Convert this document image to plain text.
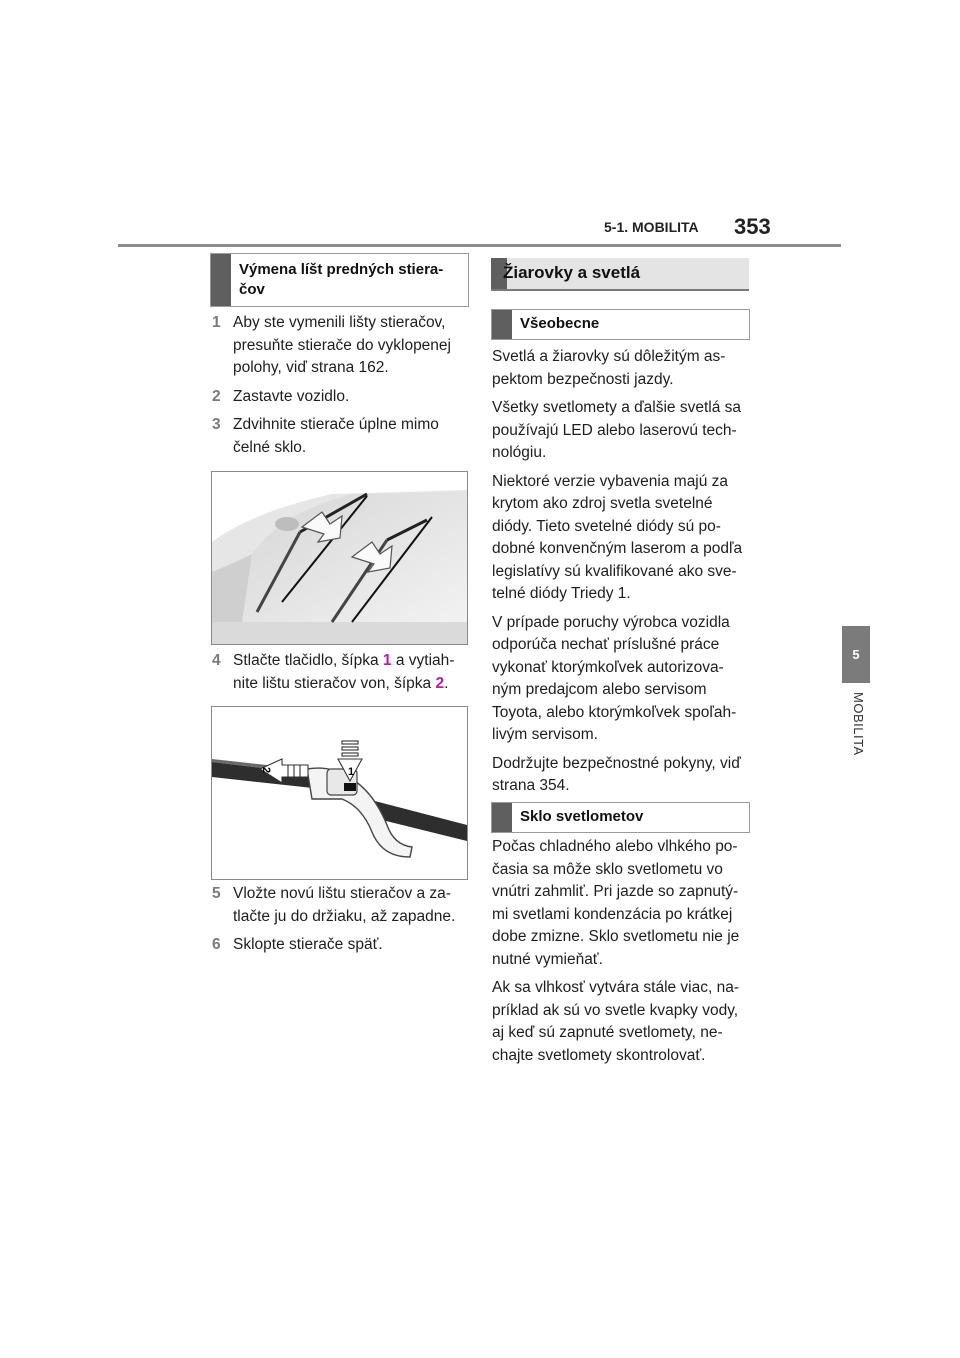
5-1. MOBILITA 353
5
MOBILITA
Výmena líšt predných stiera-čov
1 Aby ste vymenili lišty stieračov, presuňte stierače do vyklopenej polohy, viď strana 162.
2 Zastavte vozidlo.
3 Zdvihnite stierače úplne mimo čelné sklo.
4 Stlačte tlačidlo, šípka 1 a vytiah-nite lištu stieračov von, šípka 2.
1
2
5 Vložte novú lištu stieračov a za-tlačte ju do držiaku, až zapadne.
6 Sklopte stierače späť.
Žiarovky a svetlá
Všeobecne

Svetlá a žiarovky sú dôležitým as-pektom bezpečnosti jazdy.

Všetky svetlomety a ďalšie svetlá sa používajú LED alebo laserovú tech-nológiu.

Niektoré verzie vybavenia majú za krytom ako zdroj svetla svetelné diódy. Tieto svetelné diódy sú po-dobné konvenčným laserom a podľa legislatívy sú kvalifikované ako sve-telné diódy Triedy 1.

V prípade poruchy výrobca vozidla odporúča nechať príslušné práce vykonať ktorýmkoľvek autorizova-ným predajcom alebo servisom Toyota, alebo ktorýmkoľvek spoľah-livým servisom.

Dodržujte bezpečnostné pokyny, viď strana 354.

Sklo svetlometov

Počas chladného alebo vlhkého po-časia sa môže sklo svetlometu vo vnútri zahmliť. Pri jazde so zapnutý-mi svetlami kondenzácia po krátkej dobe zmizne. Sklo svetlometu nie je nutné vymieňať.

Ak sa vlhkosť vytvára stále viac, na-príklad ak sú vo svetle kvapky vody, aj keď sú zapnuté svetlomety, ne-chajte svetlomety skontrolovať.
